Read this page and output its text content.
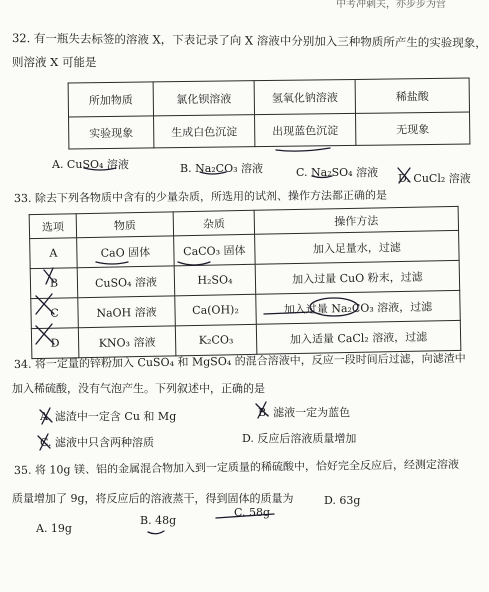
中考冲刺关，亦步步为营
32. 有一瓶失去标签的溶液 X，下表记录了向 X 溶液中分别加入三种物质所产生的实验现象，
则溶液 X 可能是
所加物质	氯化钡溶液	氢氧化钠溶液	稀盐酸
实验现象	生成白色沉淀	出现蓝色沉淀	无现象
A. CuSO₄ 溶液	B. Na₂CO₃ 溶液	C. Na₂SO₄ 溶液 D. CuCl₂ 溶液
33. 除去下列各物质中含有的少量杂质，所选用的试剂、操作方法都正确的是
选项	物质	杂质	操作方法
A	CaO 固体	CaCO₃ 固体	加入足量水，过滤
B	CuSO₄ 溶液	H₂SO₄	加入过量 CuO 粉末，过滤
C	NaOH 溶液	Ca(OH)₂	加入过量 Na₂CO₃ 溶液，过滤
D	KNO₃ 溶液	K₂CO₃	加入适量 CaCl₂ 溶液，过滤
34. 将一定量的锌粉加入 CuSO₄ 和 MgSO₄ 的混合溶液中，反应一段时间后过滤，向滤渣中
加入稀硫酸，没有气泡产生。下列叙述中，正确的是
A. 滤渣中一定含 Cu 和 Mg	B. 滤液一定为蓝色
C. 滤液中只含两种溶质	D. 反应后溶液质量增加
35. 将 10g 镁、铝的金属混合物加入到一定质量的稀硫酸中，恰好完全反应后，经测定溶液
质量增加了 9g，将反应后的溶液蒸干，得到固体的质量为
A. 19g
B. 48g
C. 58g
D. 63g
